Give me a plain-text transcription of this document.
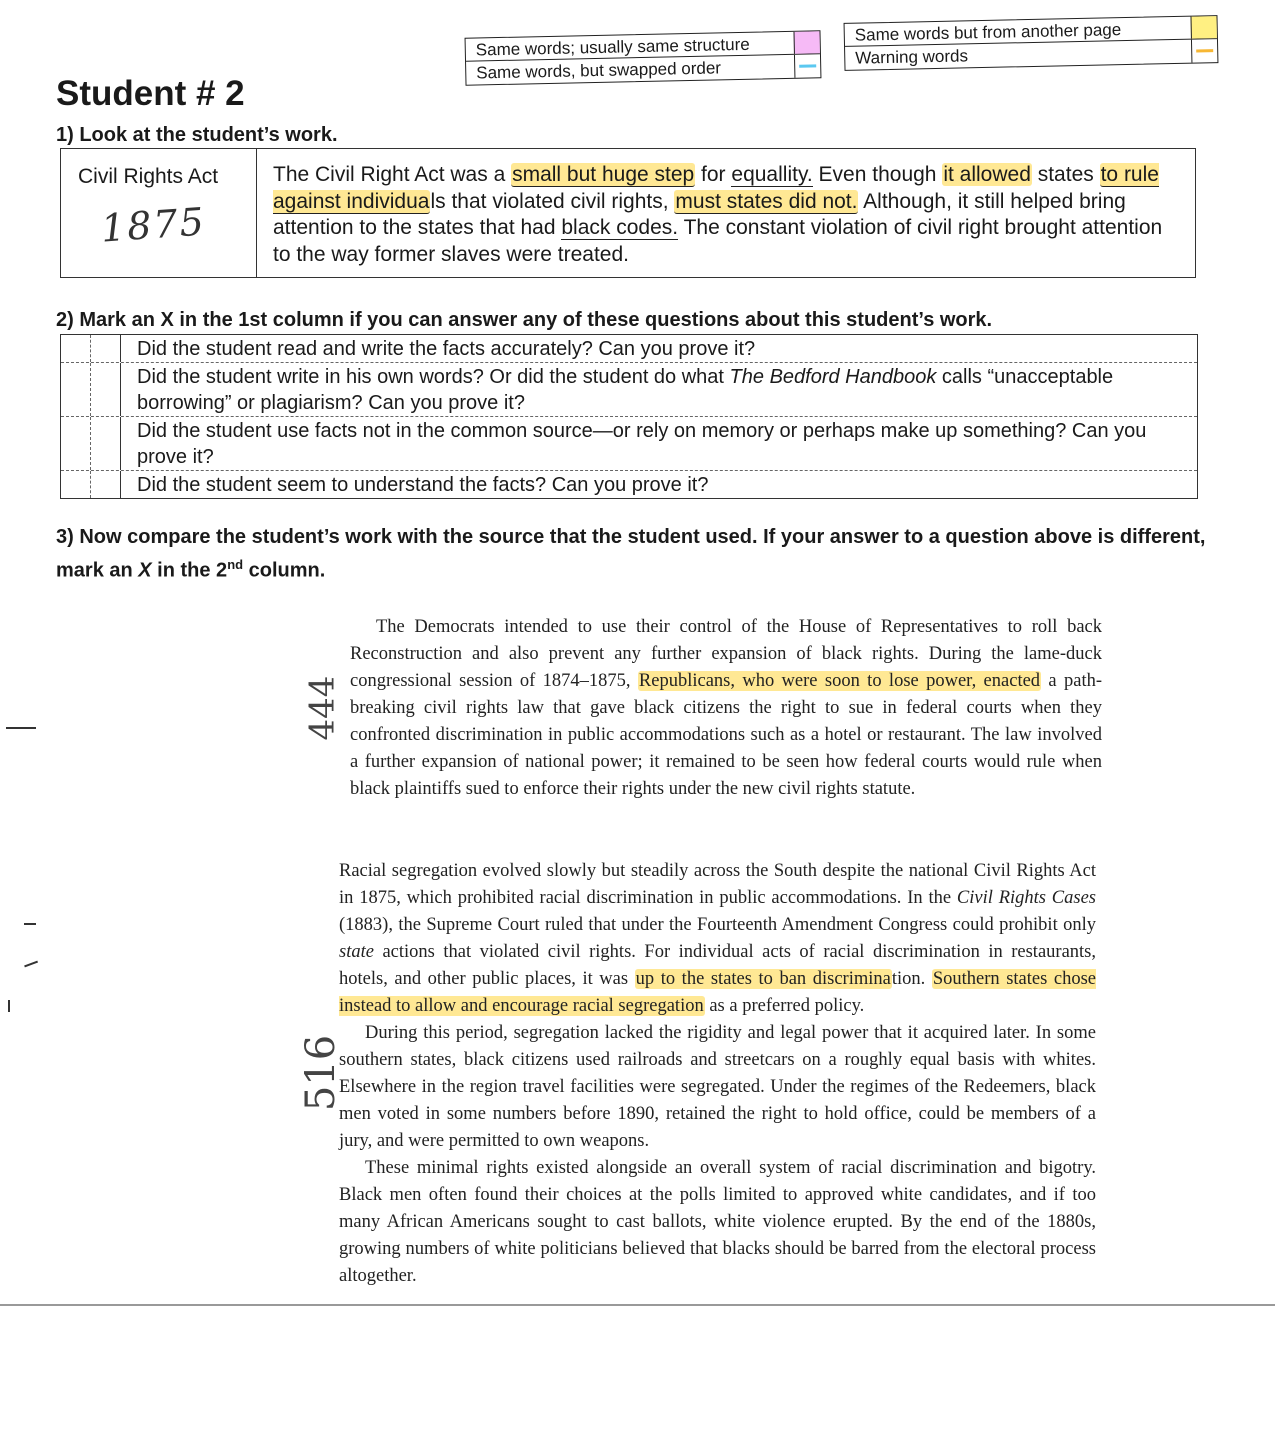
Same words; usually same structure
Same words, but swapped order
Same words but from another page
Warning words
Student # 2
1) Look at the student’s work.
Civil Rights Act
1875
The Civil Right Act was a small but huge step for equallity. Even though it allowed states to rule against individuals that violated civil rights, must states did not. Although, it still helped bring attention to the states that had black codes. The constant violation of civil right brought attention to the way former slaves were treated.
2) Mark an X in the 1st column if you can answer any of these questions about this student’s work.
Did the student read and write the facts accurately? Can you prove it?
Did the student write in his own words? Or did the student do what The Bedford Handbook calls “unacceptable borrowing” or plagiarism? Can you prove it?
Did the student use facts not in the common source—or rely on memory or perhaps make up something? Can you prove it?
Did the student seem to understand the facts? Can you prove it?
3) Now compare the student’s work with the source that the student used. If your answer to a question above is different, mark an X in the 2nd column.

The Democrats intended to use their control of the House of Representatives to roll back Reconstruction and also prevent any further expansion of black rights. During the lame-duck congressional session of 1874–1875, Republicans, who were soon to lose power, enacted a path-breaking civil rights law that gave black citizens the right to sue in federal courts when they confronted discrimination in public accommodations such as a hotel or restaurant. The law involved a further expansion of national power; it remained to be seen how federal courts would rule when black plaintiffs sued to enforce their rights under the new civil rights statute.

Racial segregation evolved slowly but steadily across the South despite the national Civil Rights Act in 1875, which prohibited racial discrimination in public accommodations. In the Civil Rights Cases (1883), the Supreme Court ruled that under the Fourteenth Amendment Congress could prohibit only state actions that violated civil rights. For individual acts of racial discrimination in restaurants, hotels, and other public places, it was up to the states to ban discrimination. Southern states chose instead to allow and encourage racial segregation as a preferred policy.

During this period, segregation lacked the rigidity and legal power that it acquired later. In some southern states, black citizens used railroads and streetcars on a roughly equal basis with whites. Elsewhere in the region travel facilities were segregated. Under the regimes of the Redeemers, black men voted in some numbers before 1890, retained the right to hold office, could be members of a jury, and were permitted to own weapons.

These minimal rights existed alongside an overall system of racial discrimination and bigotry. Black men often found their choices at the polls limited to approved white candidates, and if too many African Americans sought to cast ballots, white violence erupted. By the end of the 1880s, growing numbers of white politicians believed that blacks should be barred from the electoral process altogether.

444
516
